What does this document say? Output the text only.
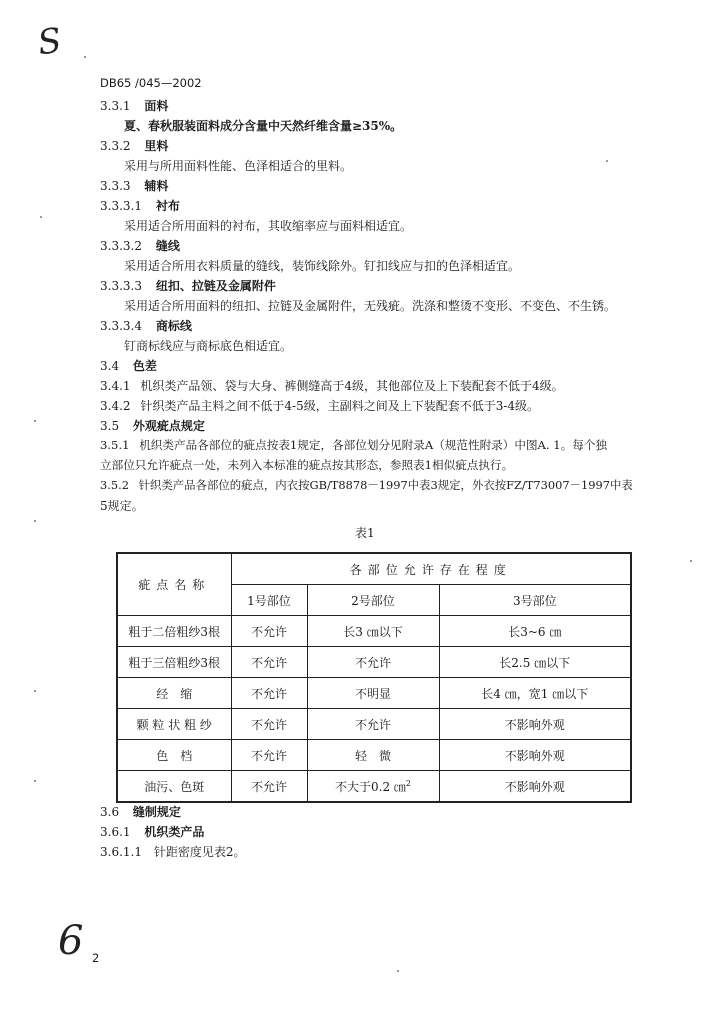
S
6
DB65 /045—2002
3.3.1 面料
夏、春秋服装面料成分含量中天然纤维含量≥35%。
3.3.2 里料
采用与所用面料性能、色泽相适合的里料。
3.3.3 辅料
3.3.3.1 衬布
采用适合所用面料的衬布，其收缩率应与面料相适宜。
3.3.3.2 缝线
采用适合所用衣料质量的缝线，装饰线除外。钉扣线应与扣的色泽相适宜。
3.3.3.3 纽扣、拉链及金属附件
采用适合所用面料的纽扣、拉链及金属附件，无残疵。洗涤和整烫不变形、不变色、不生锈。
3.3.3.4 商标线
钉商标线应与商标底色相适宜。
3.4 色差
3.4.1 机织类产品领、袋与大身、裤侧缝高于4级，其他部位及上下装配套不低于4级。
3.4.2 针织类产品主料之间不低于4-5级，主副料之间及上下装配套不低于3-4级。
3.5 外观疵点规定
3.5.1 机织类产品各部位的疵点按表1规定，各部位划分见附录A（规范性附录）中图A. 1。每个独
立部位只允许疵点一处，未列入本标准的疵点按其形态，参照表1相似疵点执行。
3.5.2 针织类产品各部位的疵点，内衣按GB/T8878－1997中表3规定，外衣按FZ/T73007－1997中表
5规定。
表1
疵点名称	各部位允许存在程度		
	1号部位	2号部位	3号部位
粗于二倍粗纱3根	不允许	长3 ㎝以下	长3~6 ㎝
粗于三倍粗纱3根	不允许	不允许	长2.5 ㎝以下
经　缩	不允许	不明显	长4 ㎝，宽1 ㎝以下
颗 粒 状 粗 纱	不允许	不允许	不影响外观
色　档	不允许	轻　微	不影响外观
油污、色斑	不允许	不大于0.2 ㎝$^2$	不影响外观
3.6 缝制规定
3.6.1 机织类产品
3.6.1.1 针距密度见表2。
2
